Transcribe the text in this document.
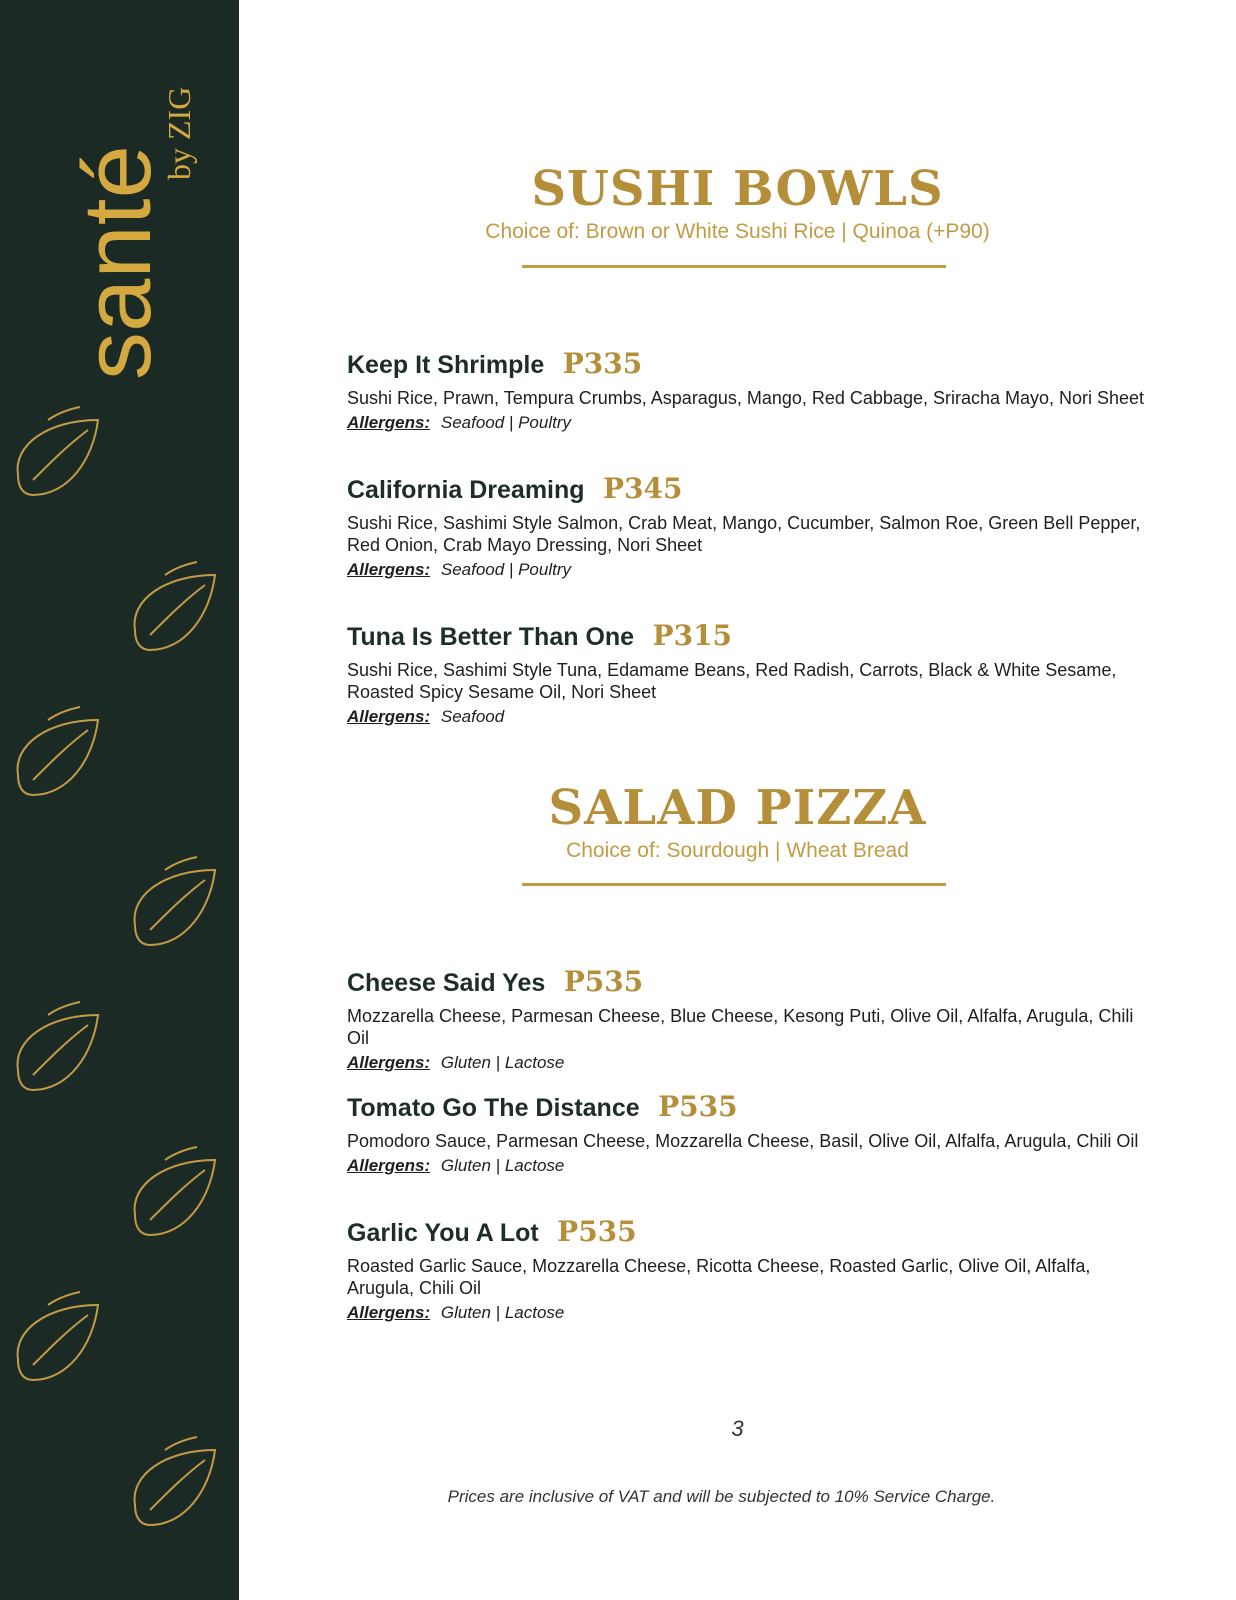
santé
by ZIG
SUSHI BOWLS
Choice of: Brown or White Sushi Rice | Quinoa (+P90)
Keep It Shrimple P335
Sushi Rice, Prawn, Tempura Crumbs, Asparagus, Mango, Red Cabbage, Sriracha Mayo, Nori Sheet
Allergens: Seafood | Poultry
California Dreaming P345
Sushi Rice, Sashimi Style Salmon, Crab Meat, Mango, Cucumber, Salmon Roe, Green Bell Pepper, Red Onion, Crab Mayo Dressing, Nori Sheet
Allergens: Seafood | Poultry
Tuna Is Better Than One P315
Sushi Rice, Sashimi Style Tuna, Edamame Beans, Red Radish, Carrots, Black & White Sesame, Roasted Spicy Sesame Oil, Nori Sheet
Allergens: Seafood
SALAD PIZZA
Choice of: Sourdough | Wheat Bread
Cheese Said Yes P535
Mozzarella Cheese, Parmesan Cheese, Blue Cheese, Kesong Puti, Olive Oil, Alfalfa, Arugula, Chili Oil
Allergens: Gluten | Lactose
Tomato Go The Distance P535
Pomodoro Sauce, Parmesan Cheese, Mozzarella Cheese, Basil, Olive Oil, Alfalfa, Arugula, Chili Oil
Allergens: Gluten | Lactose
Garlic You A Lot P535
Roasted Garlic Sauce, Mozzarella Cheese, Ricotta Cheese, Roasted Garlic, Olive Oil, Alfalfa, Arugula, Chili Oil
Allergens: Gluten | Lactose
3
Prices are inclusive of VAT and will be subjected to 10% Service Charge.
